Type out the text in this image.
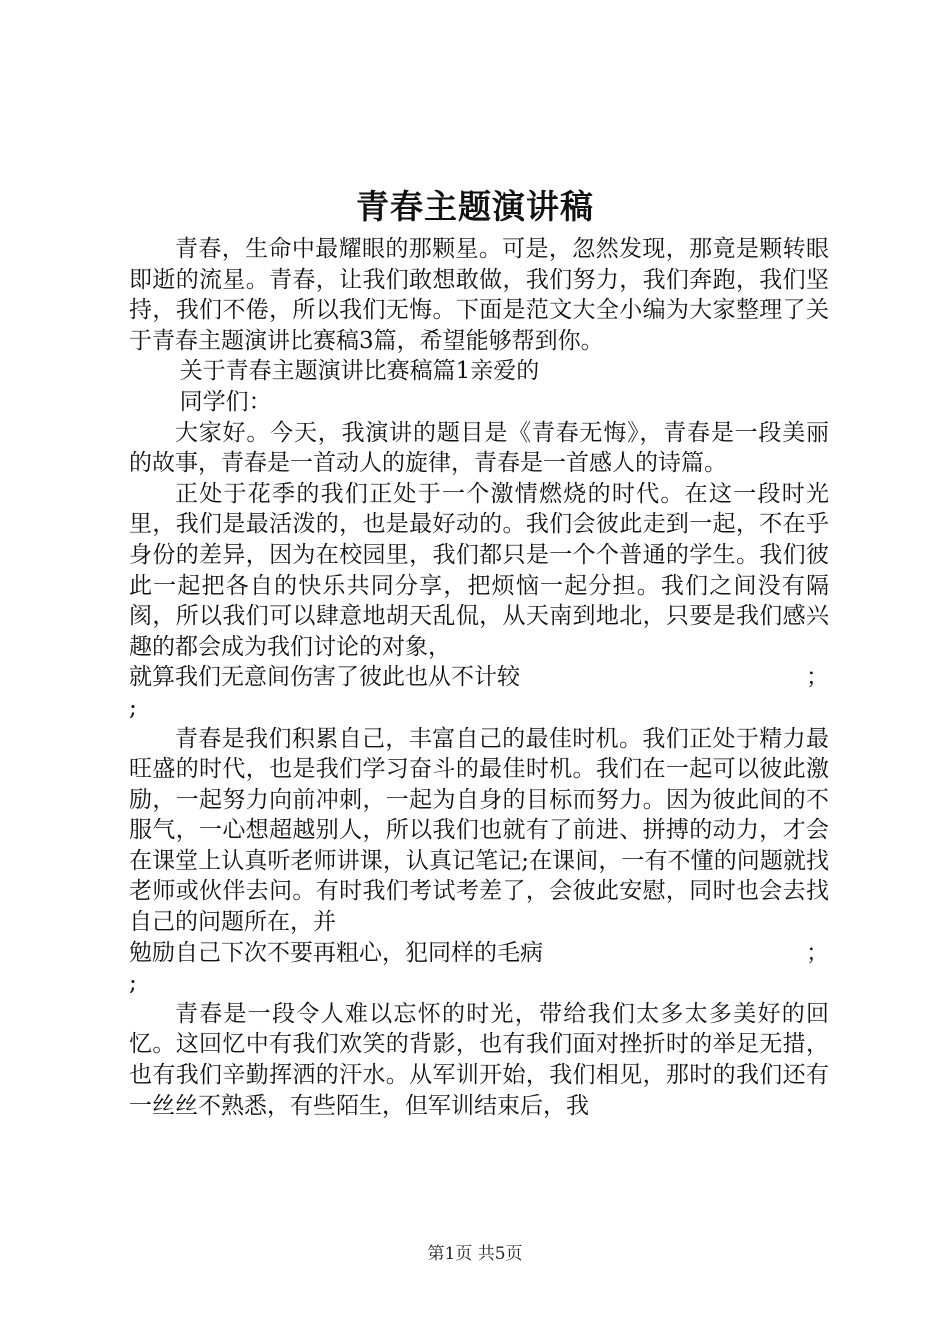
青春主题演讲稿

青春，生命中最耀眼的那颗星。可是，忽然发现，那竟是颗转眼即逝的流星。青春，让我们敢想敢做，我们努力，我们奔跑，我们坚持，我们不倦，所以我们无悔。下面是范文大全小编为大家整理了关于青春主题演讲比赛稿3篇，希望能够帮到你。

关于青春主题演讲比赛稿篇1亲爱的

同学们：

大家好。今天，我演讲的题目是《青春无悔》，青春是一段美丽的故事，青春是一首动人的旋律，青春是一首感人的诗篇。

正处于花季的我们正处于一个激情燃烧的时代。在这一段时光里，我们是最活泼的，也是最好动的。我们会彼此走到一起，不在乎身份的差异，因为在校园里，我们都只是一个个普通的学生。我们彼此一起把各自的快乐共同分享，把烦恼一起分担。我们之间没有隔阂，所以我们可以肆意地胡天乱侃，从天南到地北，只要是我们感兴趣的都会成为我们讨论的对象，

就算我们无意间伤害了彼此也从不计较	；
;

青春是我们积累自己，丰富自己的最佳时机。我们正处于精力最旺盛的时代，也是我们学习奋斗的最佳时机。我们在一起可以彼此激励，一起努力向前冲刺，一起为自身的目标而努力。因为彼此间的不服气，一心想超越别人，所以我们也就有了前进、拼搏的动力，才会在课堂上认真听老师讲课，认真记笔记;在课间，一有不懂的问题就找老师或伙伴去问。有时我们考试考差了，会彼此安慰，同时也会去找自己的问题所在，并

勉励自己下次不要再粗心，犯同样的毛病	；
;

青春是一段令人难以忘怀的时光，带给我们太多太多美好的回忆。这回忆中有我们欢笑的背影，也有我们面对挫折时的举足无措，也有我们辛勤挥洒的汗水。从军训开始，我们相见，那时的我们还有一丝丝不熟悉，有些陌生，但军训结束后，我

第1页 共5页
